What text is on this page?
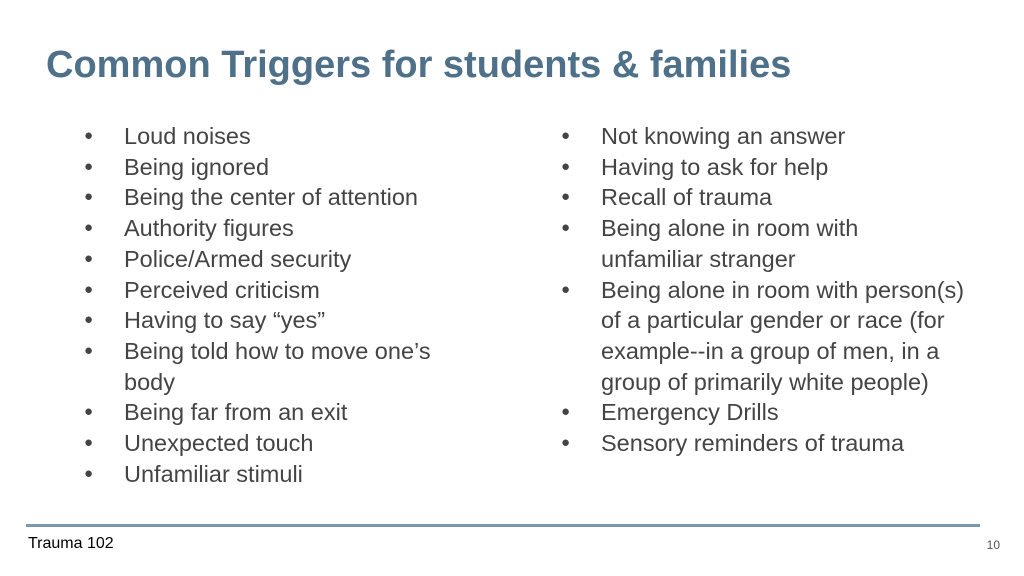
Common Triggers for students & families
● Loud noises
● Being ignored
● Being the center of attention
● Authority figures
● Police/Armed security
● Perceived criticism
● Having to say “yes”
● Being told how to move one’s body
● Being far from an exit
● Unexpected touch
● Unfamiliar stimuli
● Not knowing an answer
● Having to ask for help
● Recall of trauma
● Being alone in room with unfamiliar stranger
● Being alone in room with person(s) of a particular gender or race (for example--in a group of men, in a group of primarily white people)
● Emergency Drills
● Sensory reminders of trauma
Trauma 102	10
